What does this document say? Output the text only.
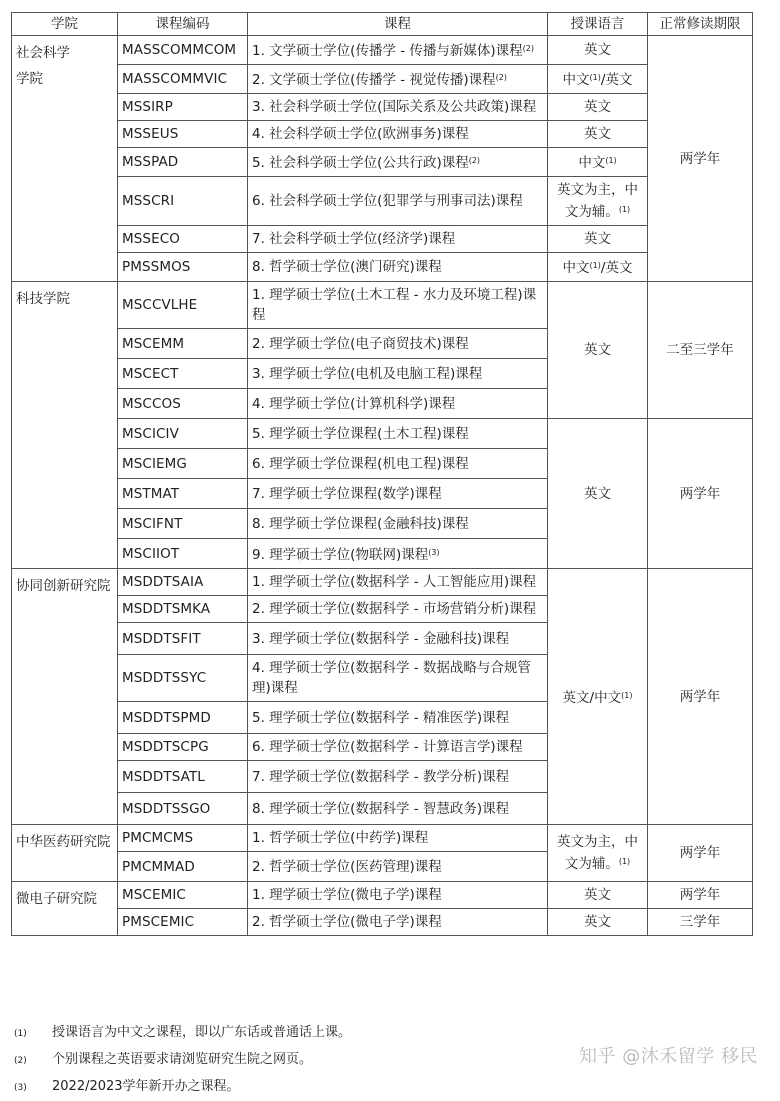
学院	课程编码	课程	授课语言	正常修读期限
社会科学
学院	MASSCOMMCOM	1. 文学硕士学位(传播学 - 传播与新媒体)课程$^{(2)}$	英文	两学年
	MASSCOMMVIC	2. 文学硕士学位(传播学 - 视觉传播)课程$^{(2)}$	中文$^{(1)}$/英文	
	MSSIRP	3. 社会科学硕士学位(国际关系及公共政策)课程	英文	
	MSSEUS	4. 社会科学硕士学位(欧洲事务)课程	英文	
	MSSPAD	5. 社会科学硕士学位(公共行政)课程$^{(2)}$	中文$^{(1)}$
	MSSCRI	6. 社会科学硕士学位(犯罪学与刑事司法)课程	英文为主，中文为辅。$^{(1)}$
	MSSECO	7. 社会科学硕士学位(经济学)课程	英文	
	PMSSMOS	8. 哲学硕士学位(澳门研究)课程	中文$^{(1)}$/英文	
科技学院	MSCCVLHE	1. 理学硕士学位(土木工程 - 水力及环境工程)课程	英文	二至三学年
	MSCEMM	2. 理学硕士学位(电子商贸技术)课程		
	MSCECT	3. 理学硕士学位(电机及电脑工程)课程		
	MSCCOS	4. 理学硕士学位(计算机科学)课程		
	MSCICIV	5. 理学硕士学位课程(土木工程)课程	英文	两学年
	MSCIEMG	6. 理学硕士学位课程(机电工程)课程		
	MSTMAT	7. 理学硕士学位课程(数学)课程		
	MSCIFNT	8. 理学硕士学位课程(金融科技)课程		
	MSCIIOT	9. 理学硕士学位(物联网)课程$^{(3)}$
协同创新研究院	MSDDTSAIA	1. 理学硕士学位(数据科学 - 人工智能应用)课程	英文/中文$^{(1)}$	两学年
	MSDDTSMKA	2. 理学硕士学位(数据科学 - 市场营销分析)课程		
	MSDDTSFIT	3. 理学硕士学位(数据科学 - 金融科技)课程		
	MSDDTSSYC	4. 理学硕士学位(数据科学 - 数据战略与合规管理)课程		
	MSDDTSPMD	5. 理学硕士学位(数据科学 - 精准医学)课程		
	MSDDTSCPG	6. 理学硕士学位(数据科学 - 计算语言学)课程		
	MSDDTSATL	7. 理学硕士学位(数据科学 - 教学分析)课程		
	MSDDTSSGO	8. 理学硕士学位(数据科学 - 智慧政务)课程		
中华医药研究院	PMCMCMS	1. 哲学硕士学位(中药学)课程	英文为主，中文为辅。$^{(1)}$	两学年
	PMCMMAD	2. 哲学硕士学位(医药管理)课程		
微电子研究院	MSCEMIC	1. 理学硕士学位(微电子学)课程	英文	两学年
	PMSCEMIC	2. 哲学硕士学位(微电子学)课程	英文	三学年
(1)	授课语言为中文之课程，即以广东话或普通话上课。
(2)	个别课程之英语要求请浏览研究生院之网页。
(3)	2022/2023学年新开办之课程。
知乎 @沐禾留学 移民
